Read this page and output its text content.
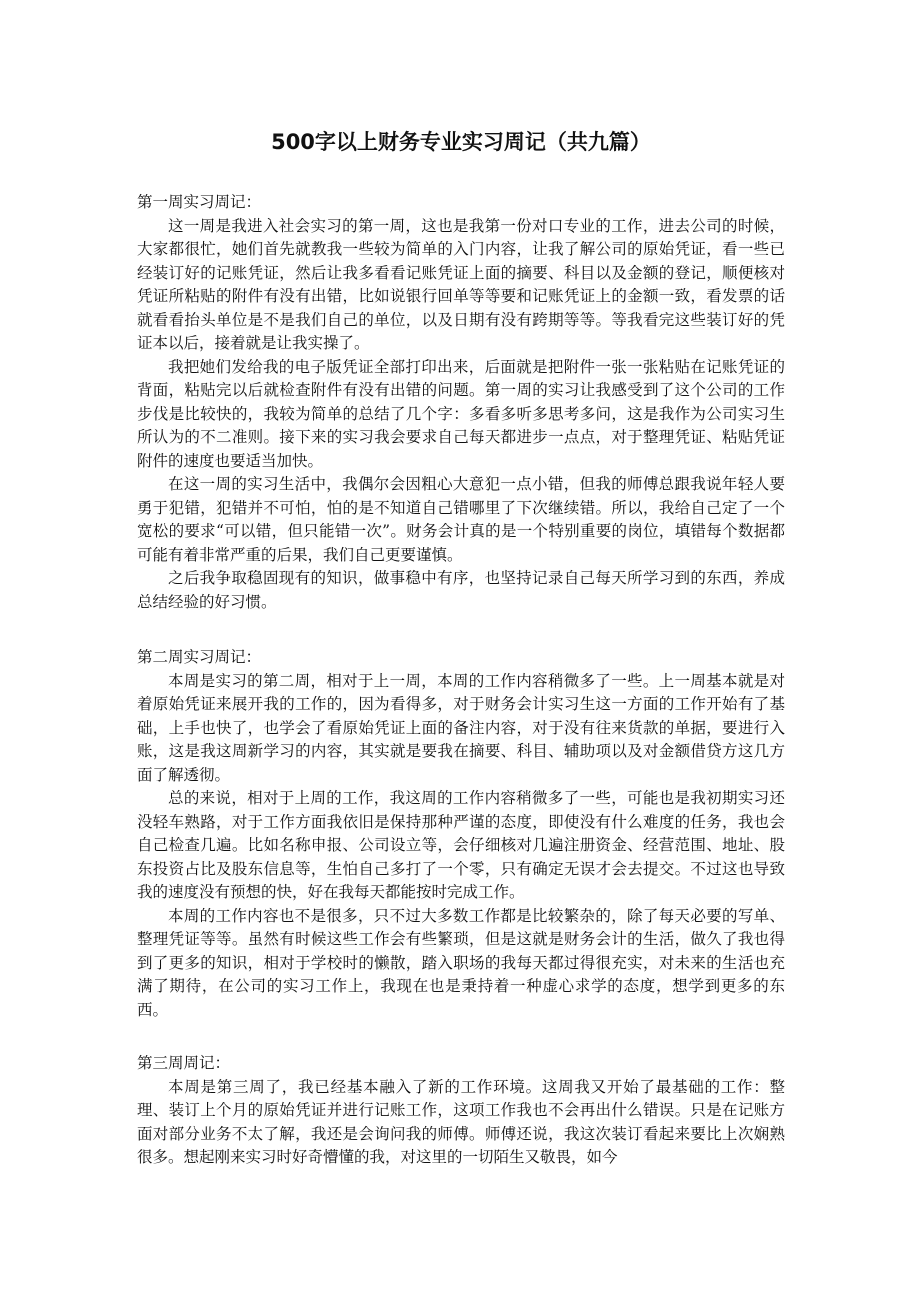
500字以上财务专业实习周记（共九篇）

第一周实习周记：

这一周是我进入社会实习的第一周，这也是我第一份对口专业的工作，进去公司的时候，大家都很忙，她们首先就教我一些较为简单的入门内容，让我了解公司的原始凭证，看一些已经装订好的记账凭证，然后让我多看看记账凭证上面的摘要、科目以及金额的登记，顺便核对凭证所粘贴的附件有没有出错，比如说银行回单等等要和记账凭证上的金额一致，看发票的话就看看抬头单位是不是我们自己的单位，以及日期有没有跨期等等。等我看完这些装订好的凭证本以后，接着就是让我实操了。

我把她们发给我的电子版凭证全部打印出来，后面就是把附件一张一张粘贴在记账凭证的背面，粘贴完以后就检查附件有没有出错的问题。第一周的实习让我感受到了这个公司的工作步伐是比较快的，我较为简单的总结了几个字：多看多听多思考多问，这是我作为公司实习生所认为的不二准则。接下来的实习我会要求自己每天都进步一点点，对于整理凭证、粘贴凭证附件的速度也要适当加快。

在这一周的实习生活中，我偶尔会因粗心大意犯一点小错，但我的师傅总跟我说年轻人要勇于犯错，犯错并不可怕，怕的是不知道自己错哪里了下次继续错。所以，我给自己定了一个宽松的要求“可以错，但只能错一次”。财务会计真的是一个特别重要的岗位，填错每个数据都可能有着非常严重的后果，我们自己更要谨慎。

之后我争取稳固现有的知识，做事稳中有序，也坚持记录自己每天所学习到的东西，养成总结经验的好习惯。

第二周实习周记：

本周是实习的第二周，相对于上一周，本周的工作内容稍微多了一些。上一周基本就是对着原始凭证来展开我的工作的，因为看得多，对于财务会计实习生这一方面的工作开始有了基础，上手也快了，也学会了看原始凭证上面的备注内容，对于没有往来货款的单据，要进行入账，这是我这周新学习的内容，其实就是要我在摘要、科目、辅助项以及对金额借贷方这几方面了解透彻。

总的来说，相对于上周的工作，我这周的工作内容稍微多了一些，可能也是我初期实习还没轻车熟路，对于工作方面我依旧是保持那种严谨的态度，即使没有什么难度的任务，我也会自己检查几遍。比如名称申报、公司设立等，会仔细核对几遍注册资金、经营范围、地址、股东投资占比及股东信息等，生怕自己多打了一个零，只有确定无误才会去提交。不过这也导致我的速度没有预想的快，好在我每天都能按时完成工作。

本周的工作内容也不是很多，只不过大多数工作都是比较繁杂的，除了每天必要的写单、整理凭证等等。虽然有时候这些工作会有些繁琐，但是这就是财务会计的生活，做久了我也得到了更多的知识，相对于学校时的懒散，踏入职场的我每天都过得很充实，对未来的生活也充满了期待，在公司的实习工作上，我现在也是秉持着一种虚心求学的态度，想学到更多的东西。

第三周周记：

本周是第三周了，我已经基本融入了新的工作环境。这周我又开始了最基础的工作：整理、装订上个月的原始凭证并进行记账工作，这项工作我也不会再出什么错误。只是在记账方面对部分业务不太了解，我还是会询问我的师傅。师傅还说，我这次装订看起来要比上次娴熟很多。想起刚来实习时好奇懵懂的我，对这里的一切陌生又敬畏，如今
